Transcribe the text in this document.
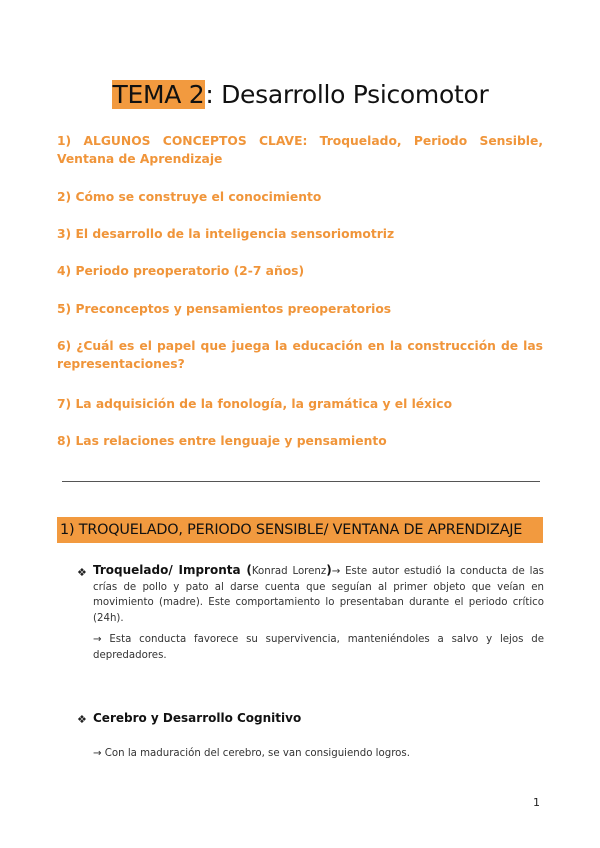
TEMA 2: Desarrollo Psicomotor
1) ALGUNOS CONCEPTOS CLAVE: Troquelado, Periodo Sensible, Ventana de Aprendizaje
2) Cómo se construye el conocimiento
3) El desarrollo de la inteligencia sensoriomotriz
4) Periodo preoperatorio (2-7 años)
5) Preconceptos y pensamientos preoperatorios
6) ¿Cuál es el papel que juega la educación en la construcción de las representaciones?
7) La adquisición de la fonología, la gramática y el léxico
8) Las relaciones entre lenguaje y pensamiento
1) TROQUELADO, PERIODO SENSIBLE/ VENTANA DE APRENDIZAJE
❖ Troquelado/ Impronta (Konrad Lorenz)→ Este autor estudió la conducta de las crías de pollo y pato al darse cuenta que seguían al primer objeto que veían en movimiento (madre). Este comportamiento lo presentaban durante el periodo crítico (24h).
→ Esta conducta favorece su supervivencia, manteniéndoles a salvo y lejos de depredadores.
❖ Cerebro y Desarrollo Cognitivo
→ Con la maduración del cerebro, se van consiguiendo logros.
1
